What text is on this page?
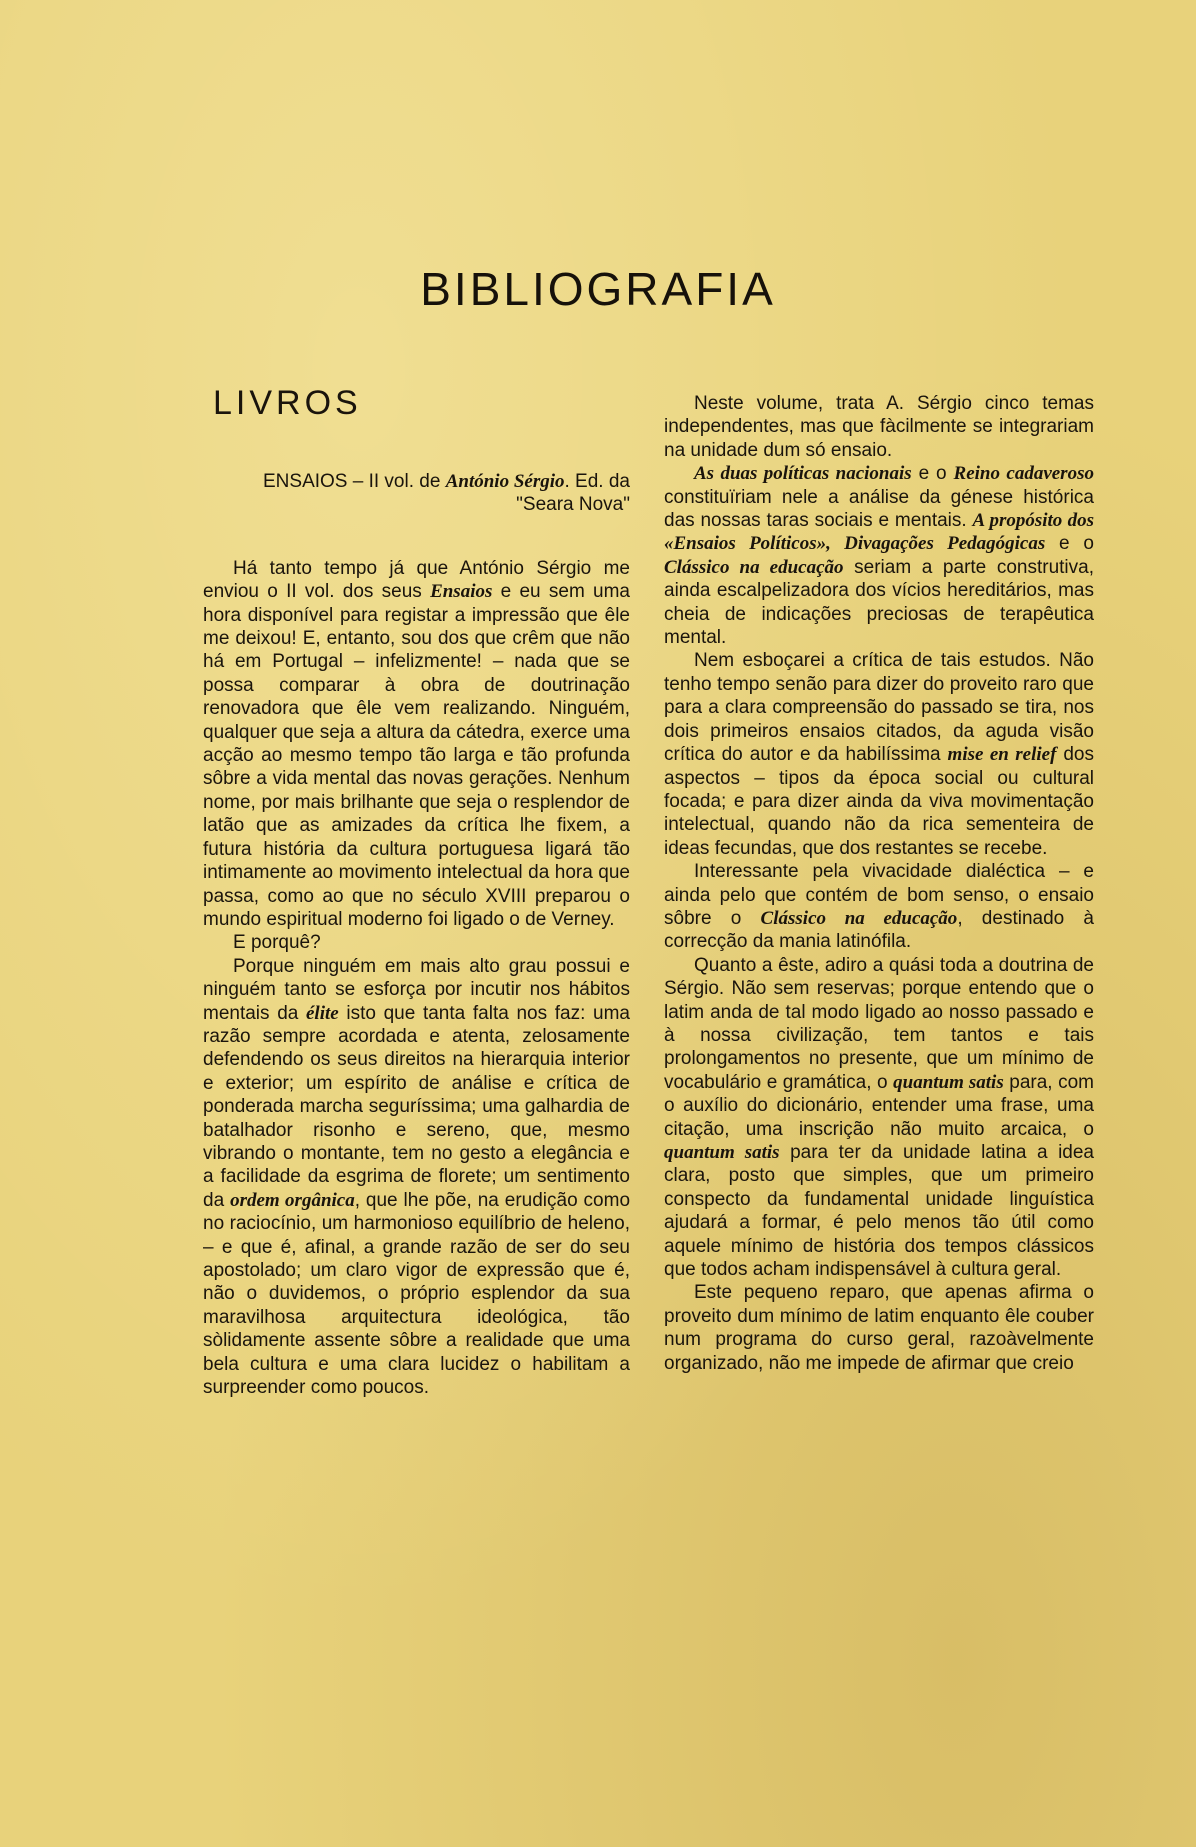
BIBLIOGRAFIA
LIVROS

ENSAIOS – II vol. de António Sérgio. Ed. da "Seara Nova"

Há tanto tempo já que António Sérgio me enviou o II vol. dos seus Ensaios e eu sem uma hora disponível para registar a impressão que êle me deixou! E, entanto, sou dos que crêm que não há em Portugal – infelizmente! – nada que se possa comparar à obra de doutrinação renovadora que êle vem realizando. Ninguém, qualquer que seja a altura da cátedra, exerce uma acção ao mesmo tempo tão larga e tão profunda sôbre a vida mental das novas gerações. Nenhum nome, por mais brilhante que seja o resplendor de latão que as amizades da crítica lhe fixem, a futura história da cultura portuguesa ligará tão intimamente ao movimento intelectual da hora que passa, como ao que no século XVIII preparou o mundo espiritual moderno foi ligado o de Verney.

E porquê?

Porque ninguém em mais alto grau possui e ninguém tanto se esforça por incutir nos hábitos mentais da élite isto que tanta falta nos faz: uma razão sempre acordada e atenta, zelosamente defendendo os seus direitos na hierarquia interior e exterior; um espírito de análise e crítica de ponderada marcha seguríssima; uma galhardia de batalhador risonho e sereno, que, mesmo vibrando o montante, tem no gesto a elegância e a facilidade da esgrima de florete; um sentimento da ordem orgânica, que lhe põe, na erudição como no raciocínio, um harmonioso equilíbrio de heleno, – e que é, afinal, a grande razão de ser do seu apostolado; um claro vigor de expressão que é, não o duvidemos, o próprio esplendor da sua maravilhosa arquitectura ideológica, tão sòlidamente assente sôbre a realidade que uma bela cultura e uma clara lucidez o habilitam a surpreender como poucos.

Neste volume, trata A. Sérgio cinco temas independentes, mas que fàcilmente se integrariam na unidade dum só ensaio.

As duas políticas nacionais e o Reino cadaveroso constituïriam nele a análise da génese histórica das nossas taras sociais e mentais. A propósito dos «Ensaios Políticos», Divagações Pedagógicas e o Clássico na educação seriam a parte construtiva, ainda escalpelizadora dos vícios hereditários, mas cheia de indicações preciosas de terapêutica mental.

Nem esboçarei a crítica de tais estudos. Não tenho tempo senão para dizer do proveito raro que para a clara compreensão do passado se tira, nos dois primeiros ensaios citados, da aguda visão crítica do autor e da habilíssima mise en relief dos aspectos – tipos da época social ou cultural focada; e para dizer ainda da viva movimentação intelectual, quando não da rica sementeira de ideas fecundas, que dos restantes se recebe.

Interessante pela vivacidade dialéctica – e ainda pelo que contém de bom senso, o ensaio sôbre o Clássico na educação, destinado à correcção da mania latinófila.

Quanto a êste, adiro a quási toda a doutrina de Sérgio. Não sem reservas; porque entendo que o latim anda de tal modo ligado ao nosso passado e à nossa civilização, tem tantos e tais prolongamentos no presente, que um mínimo de vocabulário e gramática, o quantum satis para, com o auxílio do dicionário, entender uma frase, uma citação, uma inscrição não muito arcaica, o quantum satis para ter da unidade latina a idea clara, posto que simples, que um primeiro conspecto da fundamental unidade linguística ajudará a formar, é pelo menos tão útil como aquele mínimo de história dos tempos clássicos que todos acham indispensável à cultura geral.

Este pequeno reparo, que apenas afirma o proveito dum mínimo de latim enquanto êle couber num programa do curso geral, razoàvelmente organizado, não me impede de afirmar que creio
